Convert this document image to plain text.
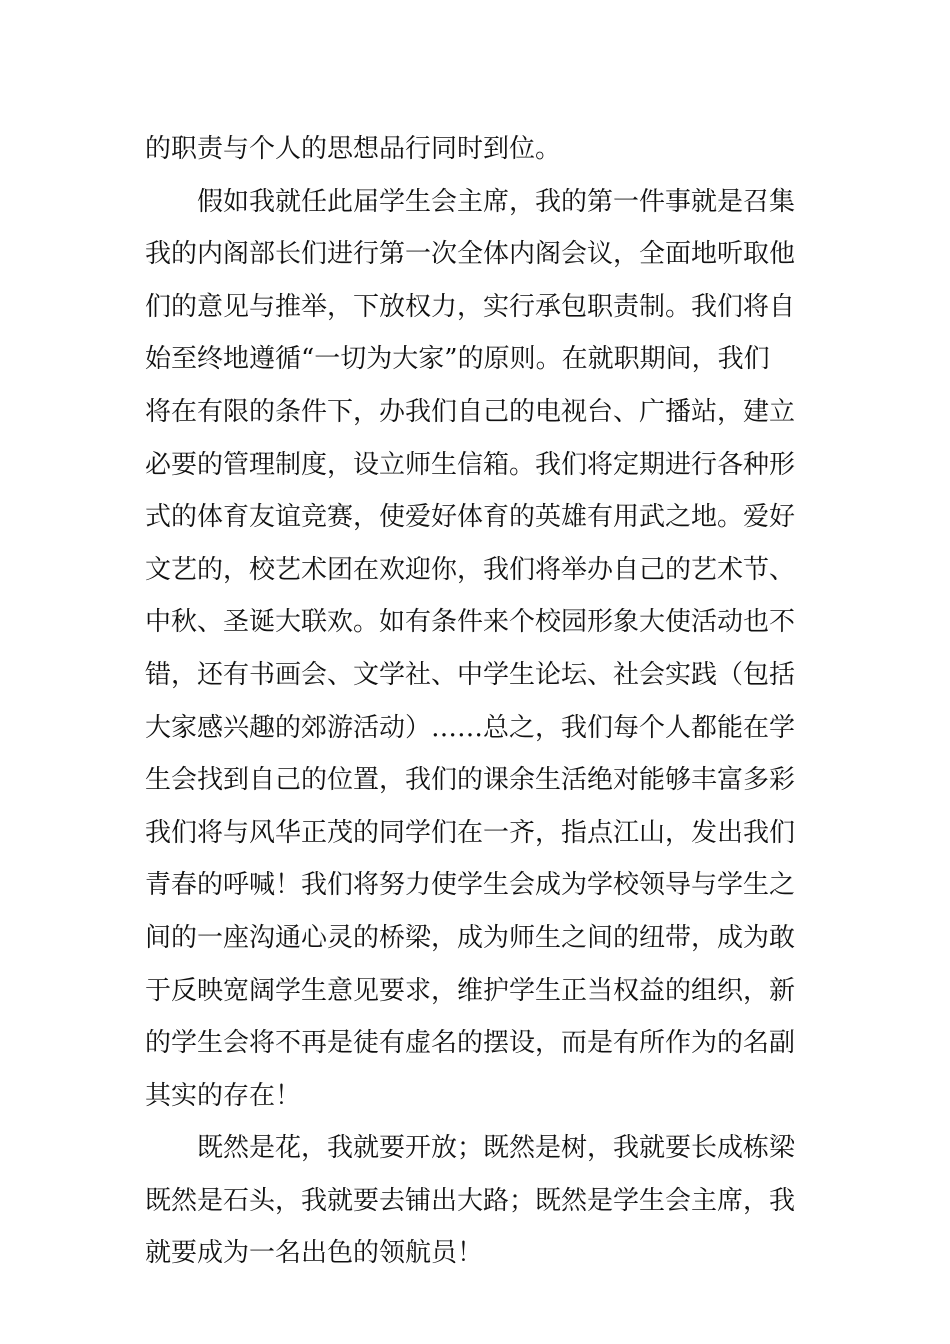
的职责与个人的思想品行同时到位。
假如我就任此届学生会主席，我的第一件事就是召集
我的内阁部长们进行第一次全体内阁会议，全面地听取他
们的意见与推举，下放权力，实行承包职责制。我们将自
始至终地遵循“一切为大家”的原则。在就职期间，我们
将在有限的条件下，办我们自己的电视台、广播站，建立
必要的管理制度，设立师生信箱。我们将定期进行各种形
式的体育友谊竞赛，使爱好体育的英雄有用武之地。爱好
文艺的，校艺术团在欢迎你，我们将举办自己的艺术节、
中秋、圣诞大联欢。如有条件来个校园形象大使活动也不
错，还有书画会、文学社、中学生论坛、社会实践（包括
大家感兴趣的郊游活动）……总之，我们每个人都能在学
生会找到自己的位置，我们的课余生活绝对能够丰富多彩
我们将与风华正茂的同学们在一齐，指点江山，发出我们
青春的呼喊！我们将努力使学生会成为学校领导与学生之
间的一座沟通心灵的桥梁，成为师生之间的纽带，成为敢
于反映宽阔学生意见要求，维护学生正当权益的组织，新
的学生会将不再是徒有虚名的摆设，而是有所作为的名副
其实的存在！
既然是花，我就要开放；既然是树，我就要长成栋梁
既然是石头，我就要去铺出大路；既然是学生会主席，我
就要成为一名出色的领航员！
